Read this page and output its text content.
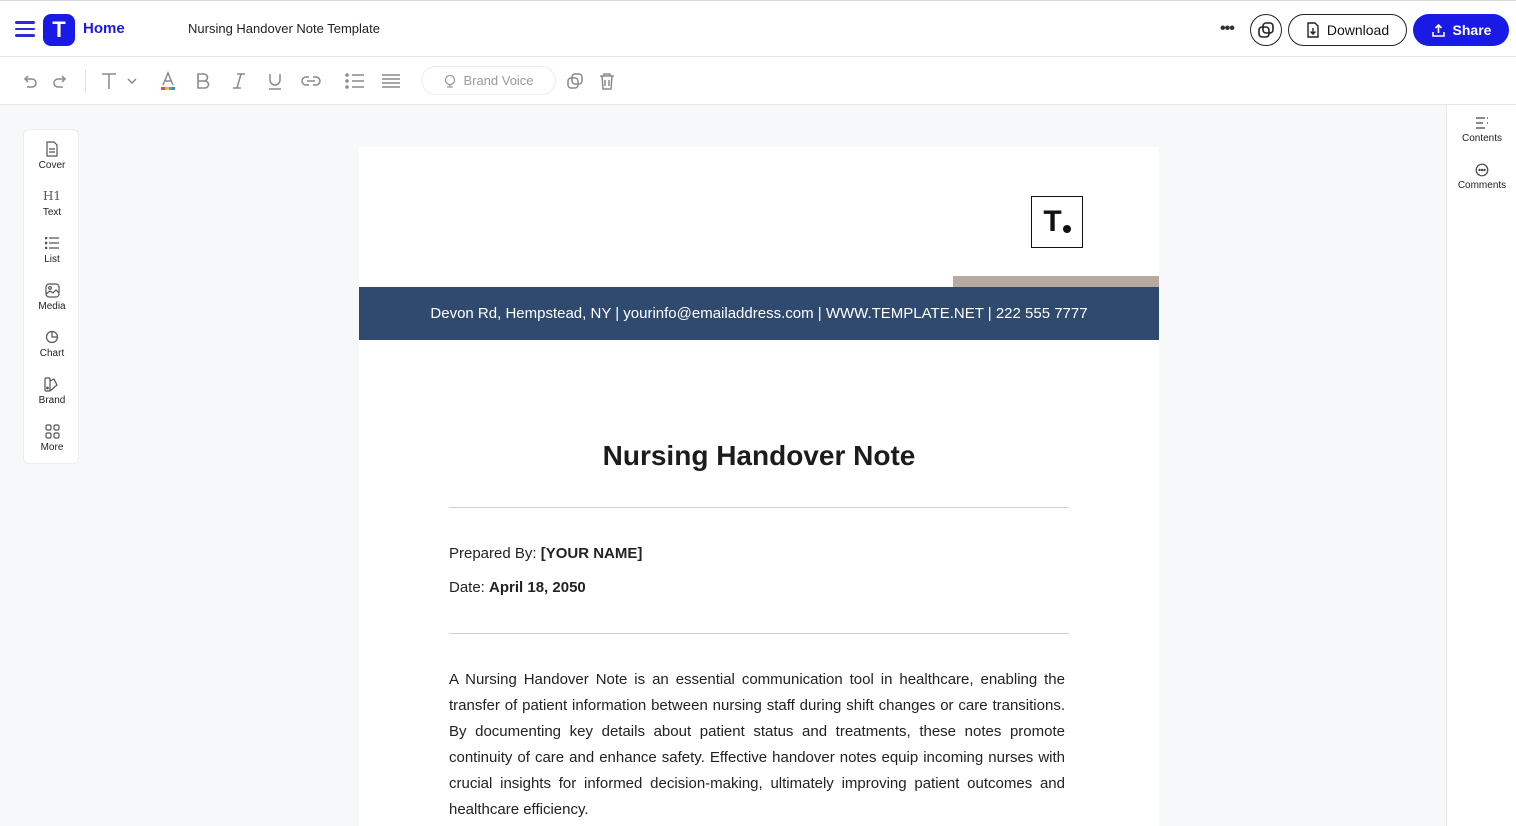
T Home	Nursing Handover Note Template	•••	Download	Share
Brand Voice
Cover
H1
Text
List
Media
Chart
Brand
More
Contents
Comments
T
Devon Rd, Hempstead, NY | yourinfo@emailaddress.com | WWW.TEMPLATE.NET | 222 555 7777
Nursing Handover Note
Prepared By: [YOUR NAME]
Date: April 18, 2050
A Nursing Handover Note is an essential communication tool in healthcare, enabling the transfer of patient information between nursing staff during shift changes or care transitions. By documenting key details about patient status and treatments, these notes promote continuity of care and enhance safety. Effective handover notes equip incoming nurses with crucial insights for informed decision-making, ultimately improving patient outcomes and healthcare efficiency.
